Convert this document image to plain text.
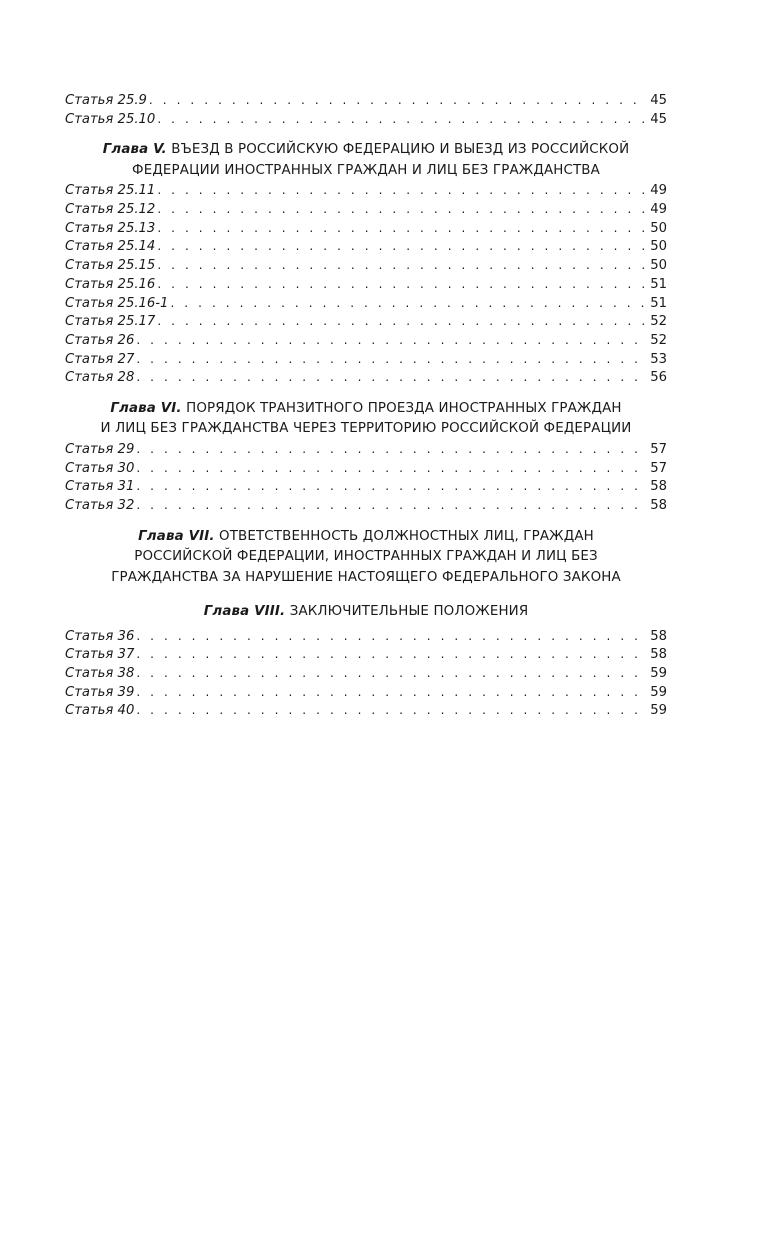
Статья 25.9 . . .	45
Статья 25.10 . . .	45
Глава V. ВЪЕЗД В РОССИЙСКУЮ ФЕДЕРАЦИЮ И ВЫЕЗД ИЗ РОССИЙСКОЙ
ФЕДЕРАЦИИ ИНОСТРАННЫХ ГРАЖДАН И ЛИЦ БЕЗ ГРАЖДАНСТВА
Статья 25.11 . . .	49
Статья 25.12 . . .	49
Статья 25.13 . . .	50
Статья 25.14 . . .	50
Статья 25.15 . . .	50
Статья 25.16 . . .	51
Статья 25.16-1 . . .	51
Статья 25.17 . . .	52
Статья 26 . . .	52
Статья 27 . . .	53
Статья 28 . . .	56
Глава VI. ПОРЯДОК ТРАНЗИТНОГО ПРОЕЗДА ИНОСТРАННЫХ ГРАЖДАН
И ЛИЦ БЕЗ ГРАЖДАНСТВА ЧЕРЕЗ ТЕРРИТОРИЮ РОССИЙСКОЙ ФЕДЕРАЦИИ
Статья 29 . . .	57
Статья 30 . . .	57
Статья 31 . . .	58
Статья 32 . . .	58
Глава VII. ОТВЕТСТВЕННОСТЬ ДОЛЖНОСТНЫХ ЛИЦ, ГРАЖДАН
РОССИЙСКОЙ ФЕДЕРАЦИИ, ИНОСТРАННЫХ ГРАЖДАН И ЛИЦ БЕЗ
ГРАЖДАНСТВА ЗА НАРУШЕНИЕ НАСТОЯЩЕГО ФЕДЕРАЛЬНОГО ЗАКОНА
Глава VIII. ЗАКЛЮЧИТЕЛЬНЫЕ ПОЛОЖЕНИЯ
Статья 36 . . .	58
Статья 37 . . .	58
Статья 38 . . .	59
Статья 39 . . .	59
Статья 40 . . .	59
